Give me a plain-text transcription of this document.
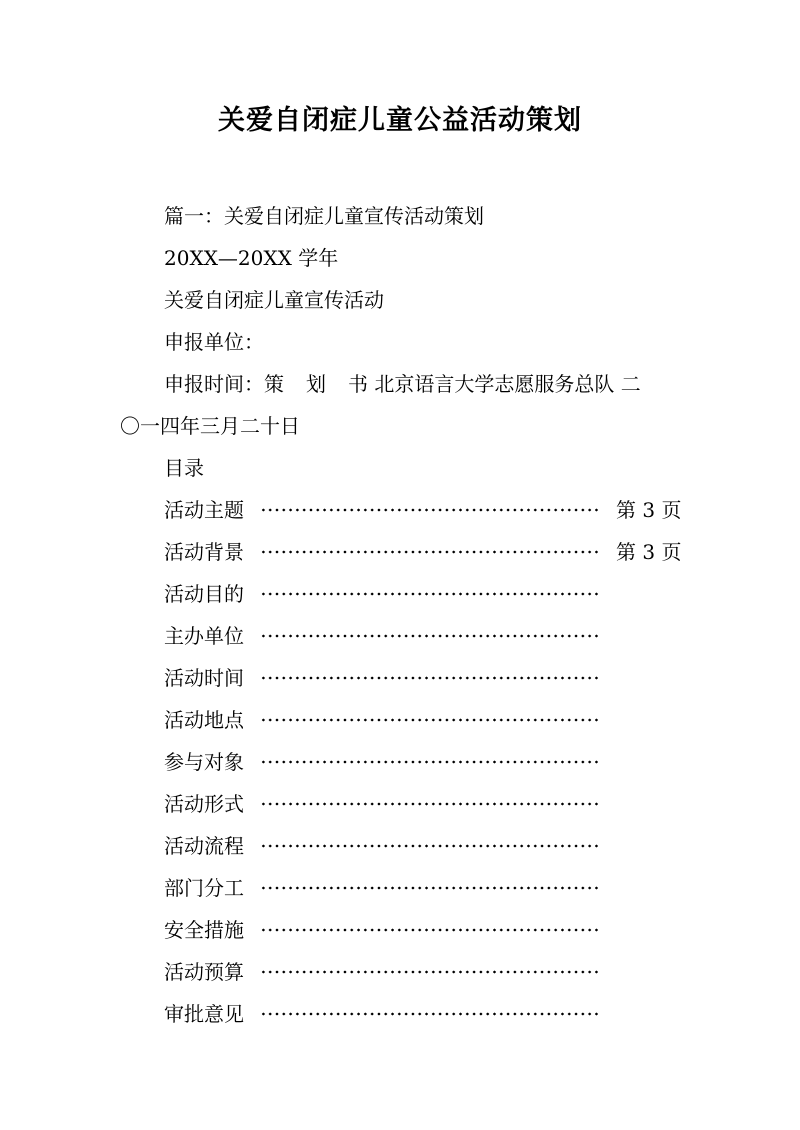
关爱自闭症儿童公益活动策划
篇一：关爱自闭症儿童宣传活动策划
20XX—20XX 学年
关爱自闭症儿童宣传活动
申报单位：
申报时间：策 划 书 北京语言大学志愿服务总队 二
〇一四年三月二十日
目录
活动主题	第 3 页
活动背景	第 3 页
活动目的
主办单位
活动时间
活动地点
参与对象
活动形式
活动流程
部门分工
安全措施
活动预算
审批意见
